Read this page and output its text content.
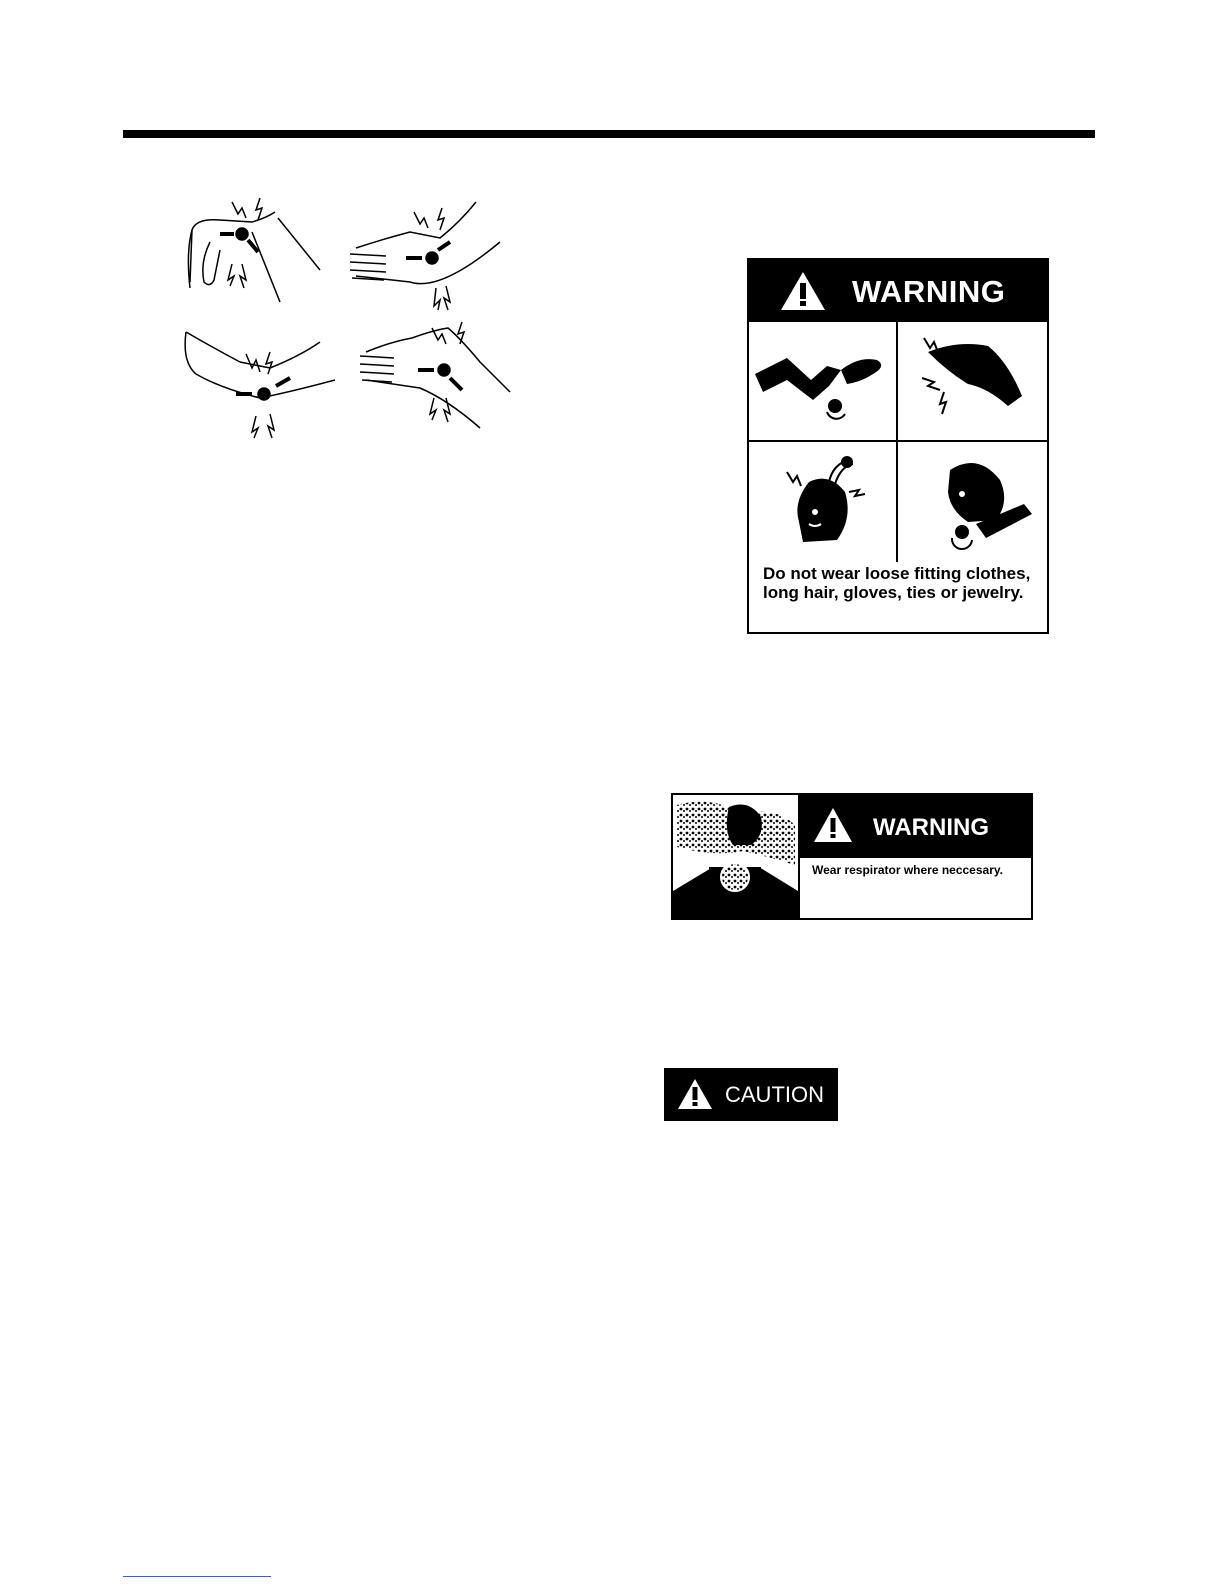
WARNING
Do not wear loose fitting clothes, long hair, gloves, ties or jewelry.
WARNING
Wear respirator where neccesary.
CAUTION
